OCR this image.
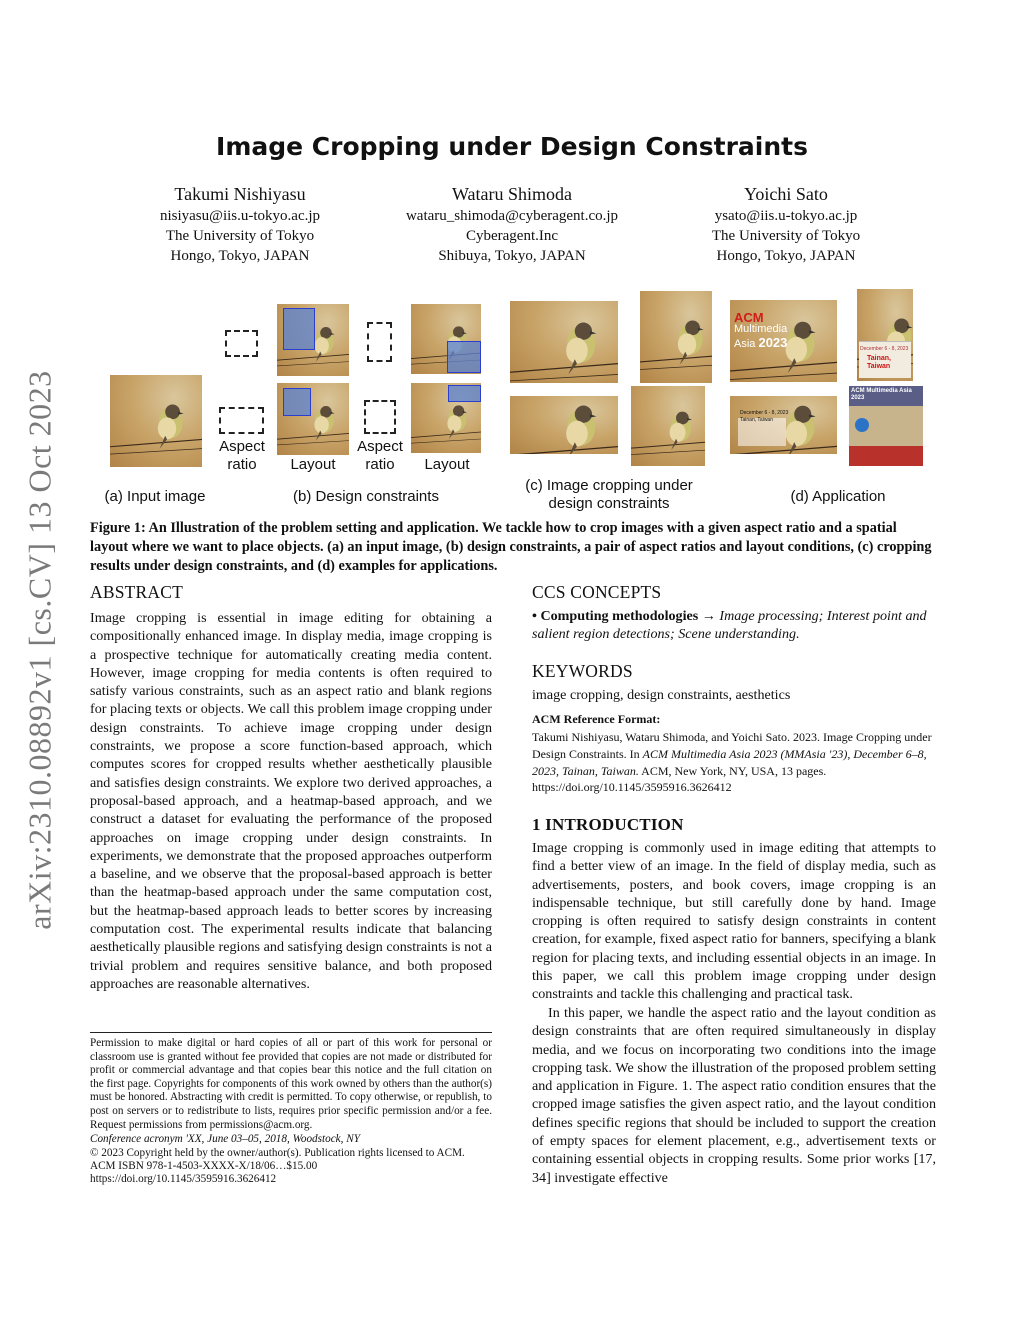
arXiv:2310.08892v1 [cs.CV] 13 Oct 2023
Image Cropping under Design Constraints
Takumi Nishiyasu
nisiyasu@iis.u-tokyo.ac.jp
The University of Tokyo
Hongo, Tokyo, JAPAN
Wataru Shimoda
wataru_shimoda@cyberagent.co.jp
Cyberagent.Inc
Shibuya, Tokyo, JAPAN
Yoichi Sato
ysato@iis.u-tokyo.ac.jp
The University of Tokyo
Hongo, Tokyo, JAPAN
Aspect
ratio	Layout
Aspect
ratio	Layout
ACM
Multimedia
Asia 2023	December 6 - 8, 2023
Tainan,
Taiwan
December 6 - 8, 2023
Tainan, Taiwan
ACM Multimedia Asia 2023
(a) Input image	(b) Design constraints
(c) Image cropping under
design constraints	(d) Application
Figure 1: An Illustration of the problem setting and application. We tackle how to crop images with a given aspect ratio and a spatial layout where we want to place objects. (a) an input image, (b) design constraints, a pair of aspect ratios and layout conditions, (c) cropping results under design constraints, and (d) examples for applications.
ABSTRACT
Image cropping is essential in image editing for obtaining a compositionally enhanced image. In display media, image cropping is a prospective technique for automatically creating media content. However, image cropping for media contents is often required to satisfy various constraints, such as an aspect ratio and blank regions for placing texts or objects. We call this problem image cropping under design constraints. To achieve image cropping under design constraints, we propose a score function-based approach, which computes scores for cropped results whether aesthetically plausible and satisfies design constraints. We explore two derived approaches, a proposal-based approach, and a heatmap-based approach, and we construct a dataset for evaluating the performance of the proposed approaches on image cropping under design constraints. In experiments, we demonstrate that the proposed approaches outperform a baseline, and we observe that the proposal-based approach is better than the heatmap-based approach under the same computation cost, but the heatmap-based approach leads to better scores by increasing computation cost. The experimental results indicate that balancing aesthetically plausible regions and satisfying design constraints is not a trivial problem and requires sensitive balance, and both proposed approaches are reasonable alternatives.
Permission to make digital or hard copies of all or part of this work for personal or classroom use is granted without fee provided that copies are not made or distributed for profit or commercial advantage and that copies bear this notice and the full citation on the first page. Copyrights for components of this work owned by others than the author(s) must be honored. Abstracting with credit is permitted. To copy otherwise, or republish, to post on servers or to redistribute to lists, requires prior specific permission and/or a fee. Request permissions from permissions@acm.org.
Conference acronym 'XX, June 03–05, 2018, Woodstock, NY
© 2023 Copyright held by the owner/author(s). Publication rights licensed to ACM.
ACM ISBN 978-1-4503-XXXX-X/18/06…$15.00
https://doi.org/10.1145/3595916.3626412
CCS CONCEPTS
• Computing methodologies → Image processing; Interest point and salient region detections; Scene understanding.
KEYWORDS
image cropping, design constraints, aesthetics
ACM Reference Format:
Takumi Nishiyasu, Wataru Shimoda, and Yoichi Sato. 2023. Image Cropping under Design Constraints. In ACM Multimedia Asia 2023 (MMAsia '23), December 6–8, 2023, Tainan, Taiwan. ACM, New York, NY, USA, 13 pages. https://doi.org/10.1145/3595916.3626412
1 INTRODUCTION
Image cropping is commonly used in image editing that attempts to find a better view of an image. In the field of display media, such as advertisements, posters, and book covers, image cropping is an indispensable technique, but still carefully done by hand. Image cropping is often required to satisfy design constraints in content creation, for example, fixed aspect ratio for banners, specifying a blank region for placing texts, and including essential objects in an image. In this paper, we call this problem image cropping under design constraints and tackle this challenging and practical task.
In this paper, we handle the aspect ratio and the layout condition as design constraints that are often required simultaneously in display media, and we focus on incorporating two conditions into the image cropping task. We show the illustration of the proposed problem setting and application in Figure. 1. The aspect ratio condition ensures that the cropped image satisfies the given aspect ratio, and the layout condition defines specific regions that should be included to support the creation of empty spaces for element placement, e.g., advertisement texts or containing essential objects in cropping results. Some prior works [17, 34] investigate effective
